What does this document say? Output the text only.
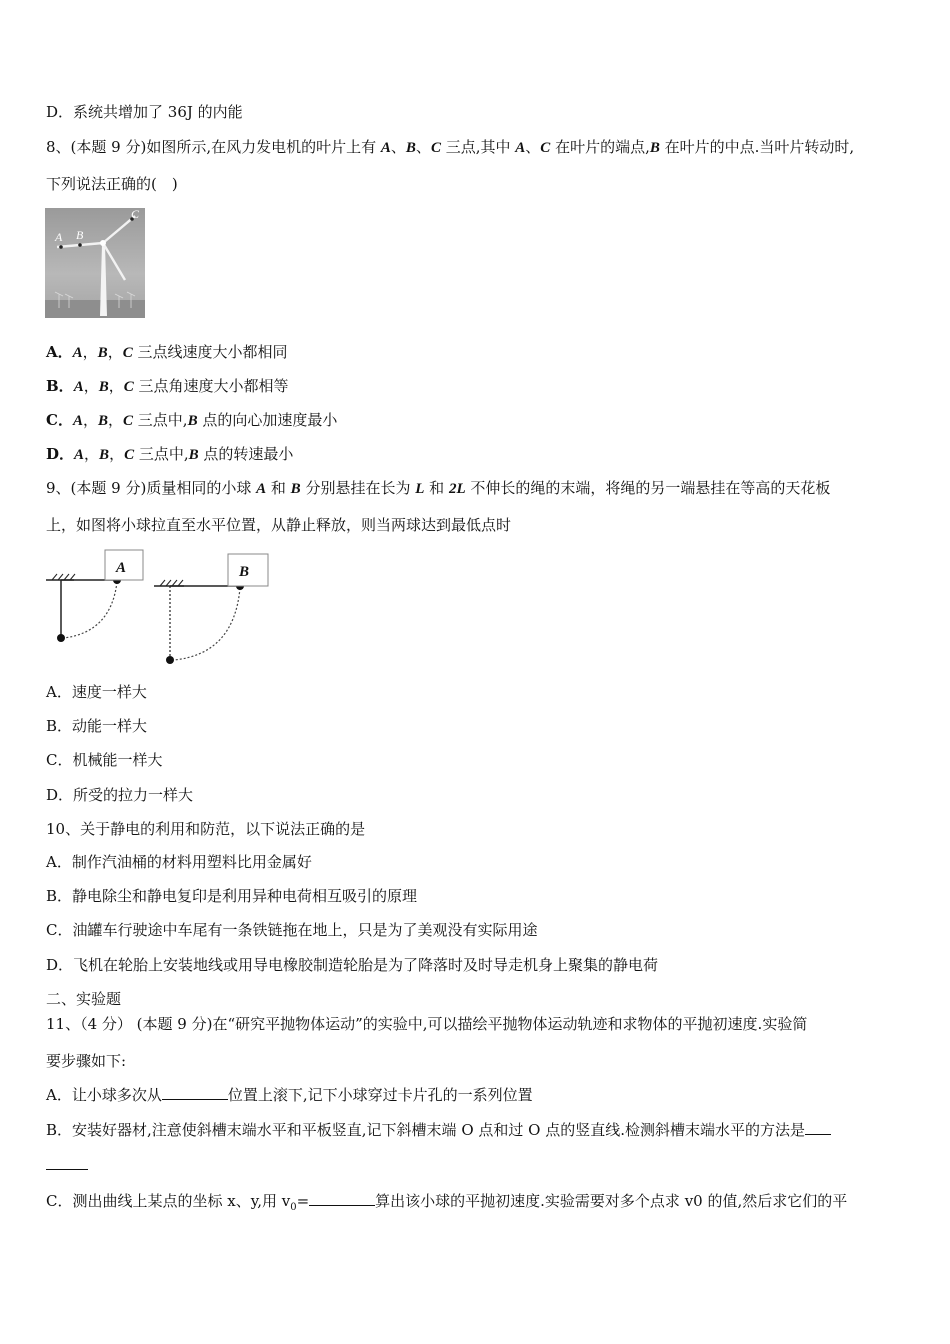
D．系统共增加了 36J 的内能
8、(本题 9 分)如图所示,在风力发电机的叶片上有 A、B、C 三点,其中 A、C 在叶片的端点,B 在叶片的中点.当叶片转动时,
下列说法正确的(　)
A B
C
A．A，B，C 三点线速度大小都相同
B．A，B，C 三点角速度大小都相等
C．A，B，C 三点中,B 点的向心加速度最小
D．A，B，C 三点中,B 点的转速最小
9、(本题 9 分)质量相同的小球 A 和 B 分别悬挂在长为 L 和 2L 不伸长的绳的末端，将绳的另一端悬挂在等高的天花板
上，如图将小球拉直至水平位置，从静止释放，则当两球达到最低点时
A	B
A．速度一样大
B．动能一样大
C．机械能一样大
D．所受的拉力一样大
10、关于静电的利用和防范，以下说法正确的是
A．制作汽油桶的材料用塑料比用金属好
B．静电除尘和静电复印是利用异种电荷相互吸引的原理
C．油罐车行驶途中车尾有一条铁链拖在地上，只是为了美观没有实际用途
D．飞机在轮胎上安装地线或用导电橡胶制造轮胎是为了降落时及时导走机身上聚集的静电荷
二、实验题
11、（4 分） (本题 9 分)在“研究平抛物体运动”的实验中,可以描绘平抛物体运动轨迹和求物体的平抛初速度.实验简
要步骤如下:
A．让小球多次从	位置上滚下,记下小球穿过卡片孔的一系列位置
B．安装好器材,注意使斜槽末端水平和平板竖直,记下斜槽末端 O 点和过 O 点的竖直线.检测斜槽末端水平的方法是
C．测出曲线上某点的坐标 x、y,用 $v_0=$	算出该小球的平抛初速度.实验需要对多个点求 v0 的值,然后求它们的平
